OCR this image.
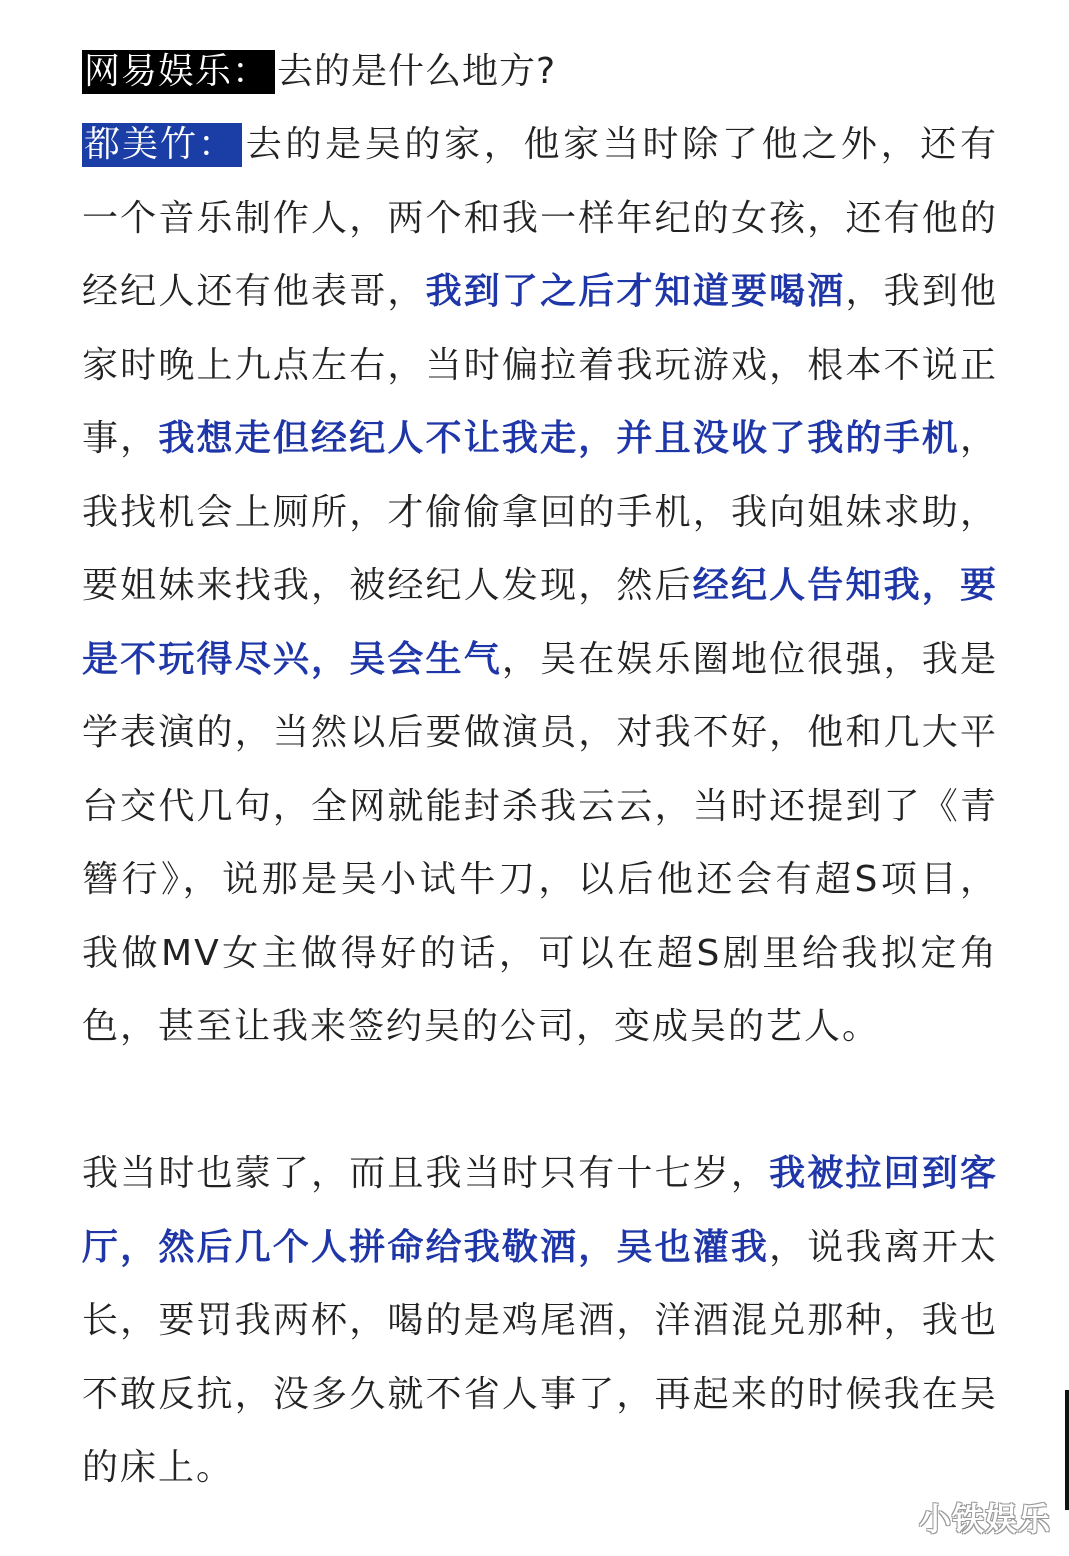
网易娱乐： 去的是什么地方?

都美竹： 去的是吴的家，他家当时除了他之外，还有一个音乐制作人，两个和我一样年纪的女孩，还有他的经纪人还有他表哥，我到了之后才知道要喝酒，我到他家时晚上九点左右，当时偏拉着我玩游戏，根本不说正事，我想走但经纪人不让我走，并且没收了我的手机，我找机会上厕所，才偷偷拿回的手机，我向姐妹求助，要姐妹来找我，被经纪人发现，然后经纪人告知我，要是不玩得尽兴，吴会生气，吴在娱乐圈地位很强，我是学表演的，当然以后要做演员，对我不好，他和几大平台交代几句，全网就能封杀我云云，当时还提到了《青簪行》，说那是吴小试牛刀，以后他还会有超S项目，我做MV女主做得好的话，可以在超S剧里给我拟定角色，甚至让我来签约吴的公司，变成吴的艺人。

我当时也蒙了，而且我当时只有十七岁，我被拉回到客厅，然后几个人拼命给我敬酒，吴也灌我，说我离开太长，要罚我两杯，喝的是鸡尾酒，洋酒混兑那种，我也不敢反抗，没多久就不省人事了，再起来的时候我在吴的床上。

小铁娱乐
